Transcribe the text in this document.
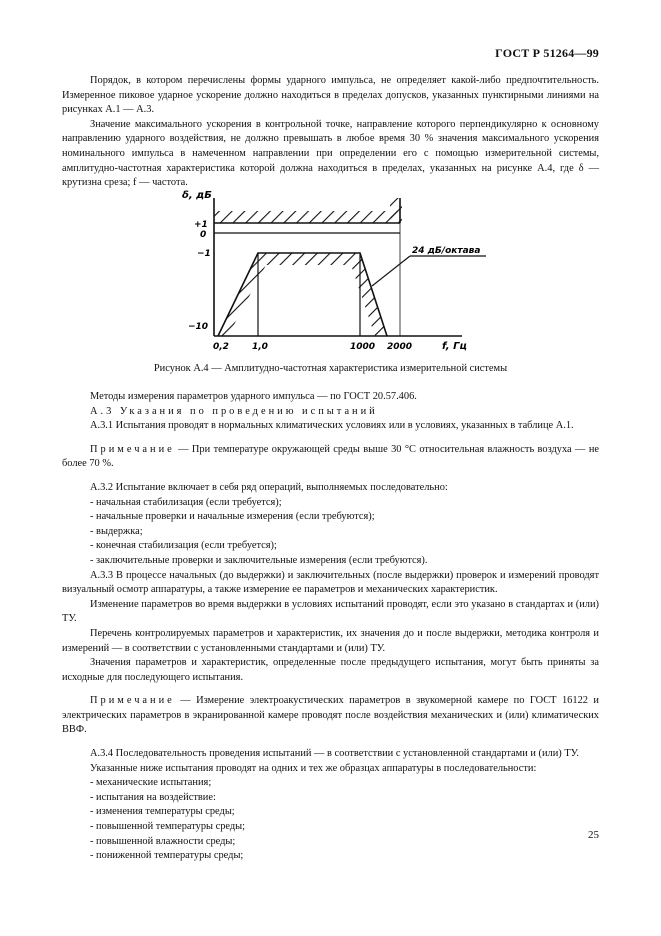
ГОСТ Р 51264—99

Порядок, в котором перечислены формы ударного импульса, не определяет какой-либо предпочтительность. Измеренное пиковое ударное ускорение должно находиться в пределах допусков, указанных пунктирными линиями на рисунках А.1 — А.3.

Значение максимального ускорения в контрольной точке, направление которого перпендикулярно к основному направлению ударного воздействия, не должно превышать в любое время 30 % значения максимального ускорения номинального импульса в намеченном направлении при определении его с помощью измерительной системы, амплитудно-частотная характеристика которой должна находиться в пределах, указанных на рисунке А.4, где δ — крутизна среза; f — частота.

δ, дБ
+1
0
−1
−10
0,2	1,0	1000 2000	f, Гц
24 дБ/октава
Рисунок А.4 — Амплитудно-частотная характеристика измерительной системы

Методы измерения параметров ударного импульса — по ГОСТ 20.57.406.

А.3 Указания по проведению испытаний

А.3.1 Испытания проводят в нормальных климатических условиях или в условиях, указанных в таблице А.1.

Примечание — При температуре окружающей среды выше 30 °С относительная влажность воздуха — не более 70 %.

А.3.2 Испытание включает в себя ряд операций, выполняемых последовательно:

- начальная стабилизация (если требуется);
- начальные проверки и начальные измерения (если требуются);
- выдержка;
- конечная стабилизация (если требуется);
- заключительные проверки и заключительные измерения (если требуются).

А.3.3 В процессе начальных (до выдержки) и заключительных (после выдержки) проверок и измерений проводят визуальный осмотр аппаратуры, а также измерение ее параметров и механических характеристик.

Изменение параметров во время выдержки в условиях испытаний проводят, если это указано в стандартах и (или) ТУ.

Перечень контролируемых параметров и характеристик, их значения до и после выдержки, методика контроля и измерений — в соответствии с установленными стандартами и (или) ТУ.

Значения параметров и характеристик, определенные после предыдущего испытания, могут быть приняты за исходные для последующего испытания.

Примечание — Измерение электроакустических параметров в звукомерной камере по ГОСТ 16122 и электрических параметров в экранированной камере проводят после воздействия механических и (или) климатических ВВФ.

А.3.4 Последовательность проведения испытаний — в соответствии с установленной стандартами и (или) ТУ.

Указанные ниже испытания проводят на одних и тех же образцах аппаратуры в последовательности:

- механические испытания;
- испытания на воздействие:
- изменения температуры среды;
- повышенной температуры среды;
- повышенной влажности среды;
- пониженной температуры среды;
25
